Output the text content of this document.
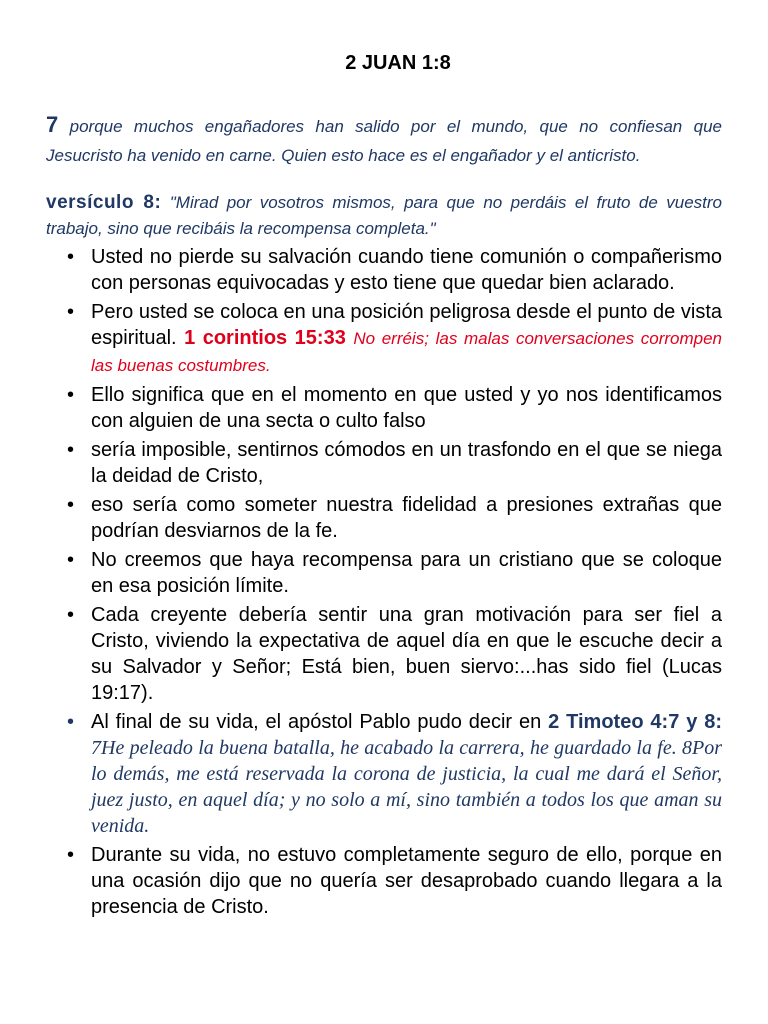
2 JUAN 1:8

7 porque muchos engañadores han salido por el mundo, que no confiesan que Jesucristo ha venido en carne. Quien esto hace es el engañador y el anticristo.

versículo 8: "Mirad por vosotros mismos, para que no perdáis el fruto de vuestro trabajo, sino que recibáis la recompensa completa."

• Usted no pierde su salvación cuando tiene comunión o compañerismo con personas equivocadas y esto tiene que quedar bien aclarado.
• Pero usted se coloca en una posición peligrosa desde el punto de vista espiritual. 1 corintios 15:33 No erréis; las malas conversaciones corrompen las buenas costumbres.
• Ello significa que en el momento en que usted y yo nos identificamos con alguien de una secta o culto falso
• sería imposible, sentirnos cómodos en un trasfondo en el que se niega la deidad de Cristo,
• eso sería como someter nuestra fidelidad a presiones extrañas que podrían desviarnos de la fe.
• No creemos que haya recompensa para un cristiano que se coloque en esa posición límite.
• Cada creyente debería sentir una gran motivación para ser fiel a Cristo, viviendo la expectativa de aquel día en que le escuche decir a su Salvador y Señor; Está bien, buen siervo:...has sido fiel (Lucas 19:17).
• Al final de su vida, el apóstol Pablo pudo decir en 2 Timoteo 4:7 y 8: 7He peleado la buena batalla, he acabado la carrera, he guardado la fe. 8Por lo demás, me está reservada la corona de justicia, la cual me dará el Señor, juez justo, en aquel día; y no solo a mí, sino también a todos los que aman su venida.
• Durante su vida, no estuvo completamente seguro de ello, porque en una ocasión dijo que no quería ser desaprobado cuando llegara a la presencia de Cristo.
